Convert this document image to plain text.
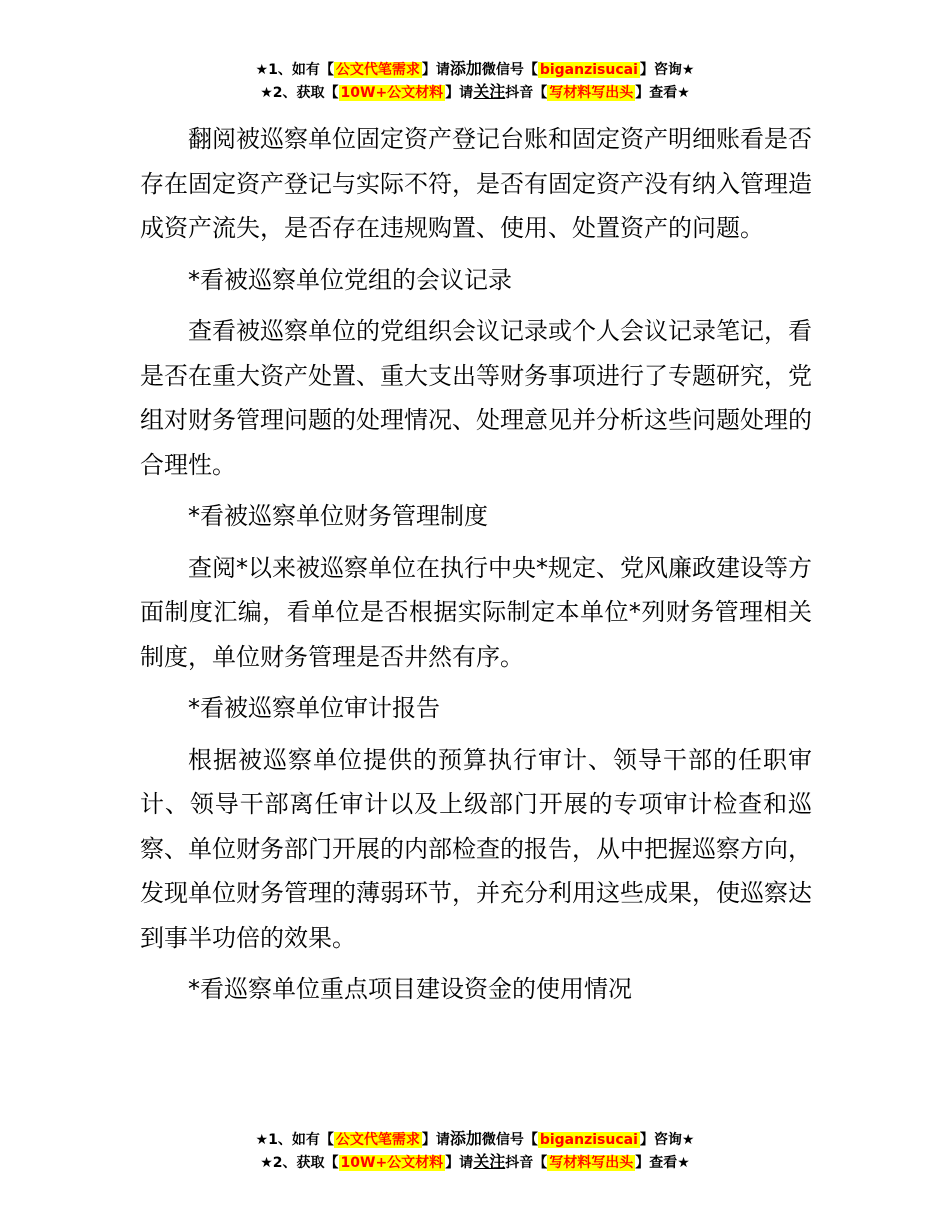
★1、如有【 公文代笔需求 】请添加微信号【 biganzisucai 】咨询★
★2、获取【 10W+公文材料 】请关注抖音【 写材料写出头 】查看★

翻阅被巡察单位固定资产登记台账和固定资产明细账看是否存在固定资产登记与实际不符，是否有固定资产没有纳入管理造成资产流失，是否存在违规购置、使用、处置资产的问题。

*看被巡察单位党组的会议记录

查看被巡察单位的党组织会议记录或个人会议记录笔记，看是否在重大资产处置、重大支出等财务事项进行了专题研究，党组对财务管理问题的处理情况、处理意见并分析这些问题处理的合理性。

*看被巡察单位财务管理制度

查阅*以来被巡察单位在执行中央*规定、党风廉政建设等方面制度汇编，看单位是否根据实际制定本单位*列财务管理相关制度，单位财务管理是否井然有序。

*看被巡察单位审计报告

根据被巡察单位提供的预算执行审计、领导干部的任职审计、领导干部离任审计以及上级部门开展的专项审计检查和巡察、单位财务部门开展的内部检查的报告，从中把握巡察方向，发现单位财务管理的薄弱环节，并充分利用这些成果，使巡察达到事半功倍的效果。

*看巡察单位重点项目建设资金的使用情况

★1、如有【 公文代笔需求 】请添加微信号【 biganzisucai 】咨询★
★2、获取【 10W+公文材料 】请关注抖音【 写材料写出头 】查看★
